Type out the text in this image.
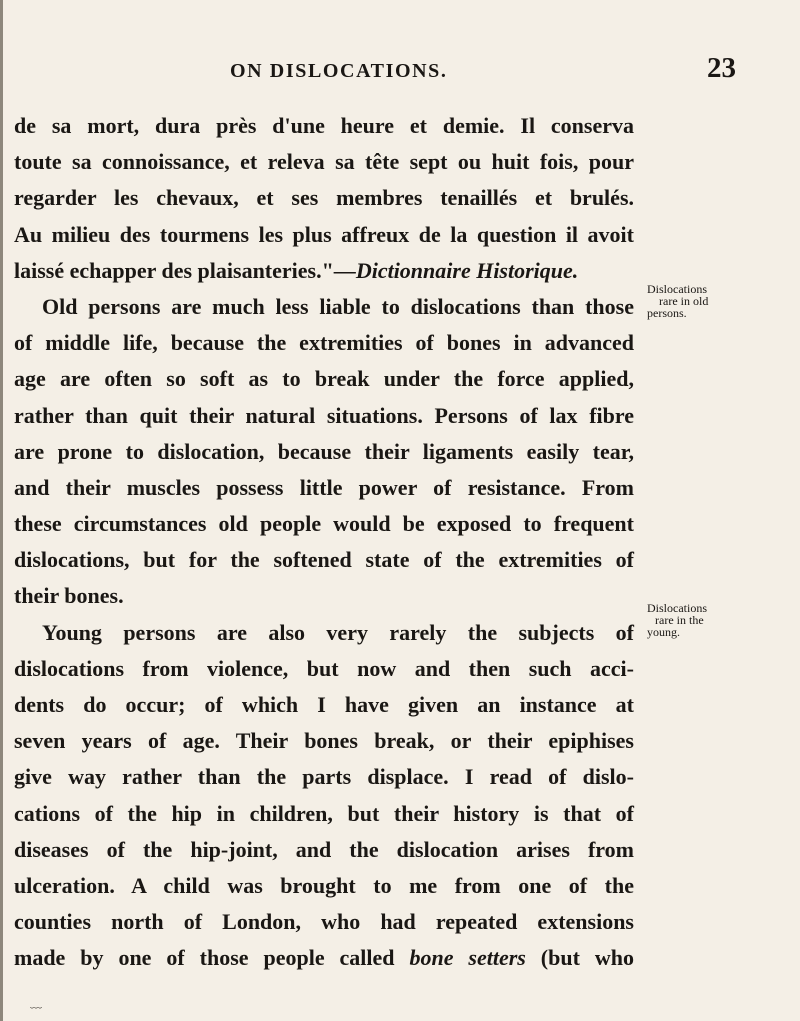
ON DISLOCATIONS.	23
de sa mort, dura près d'une heure et demie. Il conserva
toute sa connoissance, et releva sa tête sept ou huit fois, pour
regarder les chevaux, et ses membres tenaillés et brulés.
Au milieu des tourmens les plus affreux de la question il avoit
laissé echapper des plaisanteries."—Dictionnaire Historique.
Old persons are much less liable to dislocations than those
of middle life, because the extremities of bones in advanced
age are often so soft as to break under the force applied,
rather than quit their natural situations. Persons of lax fibre
are prone to dislocation, because their ligaments easily tear,
and their muscles possess little power of resistance. From
these circumstances old people would be exposed to frequent
dislocations, but for the softened state of the extremities of
their bones.
Young persons are also very rarely the subjects of
dislocations from violence, but now and then such acci-
dents do occur; of which I have given an instance at
seven years of age. Their bones break, or their epiphises
give way rather than the parts displace. I read of dislo-
cations of the hip in children, but their history is that of
diseases of the hip-joint, and the dislocation arises from
ulceration. A child was brought to me from one of the
counties north of London, who had repeated extensions
made by one of those people called bone setters (but who
Dislocations
rare in old
persons.
Dislocations
rare in the
young.
﹏
